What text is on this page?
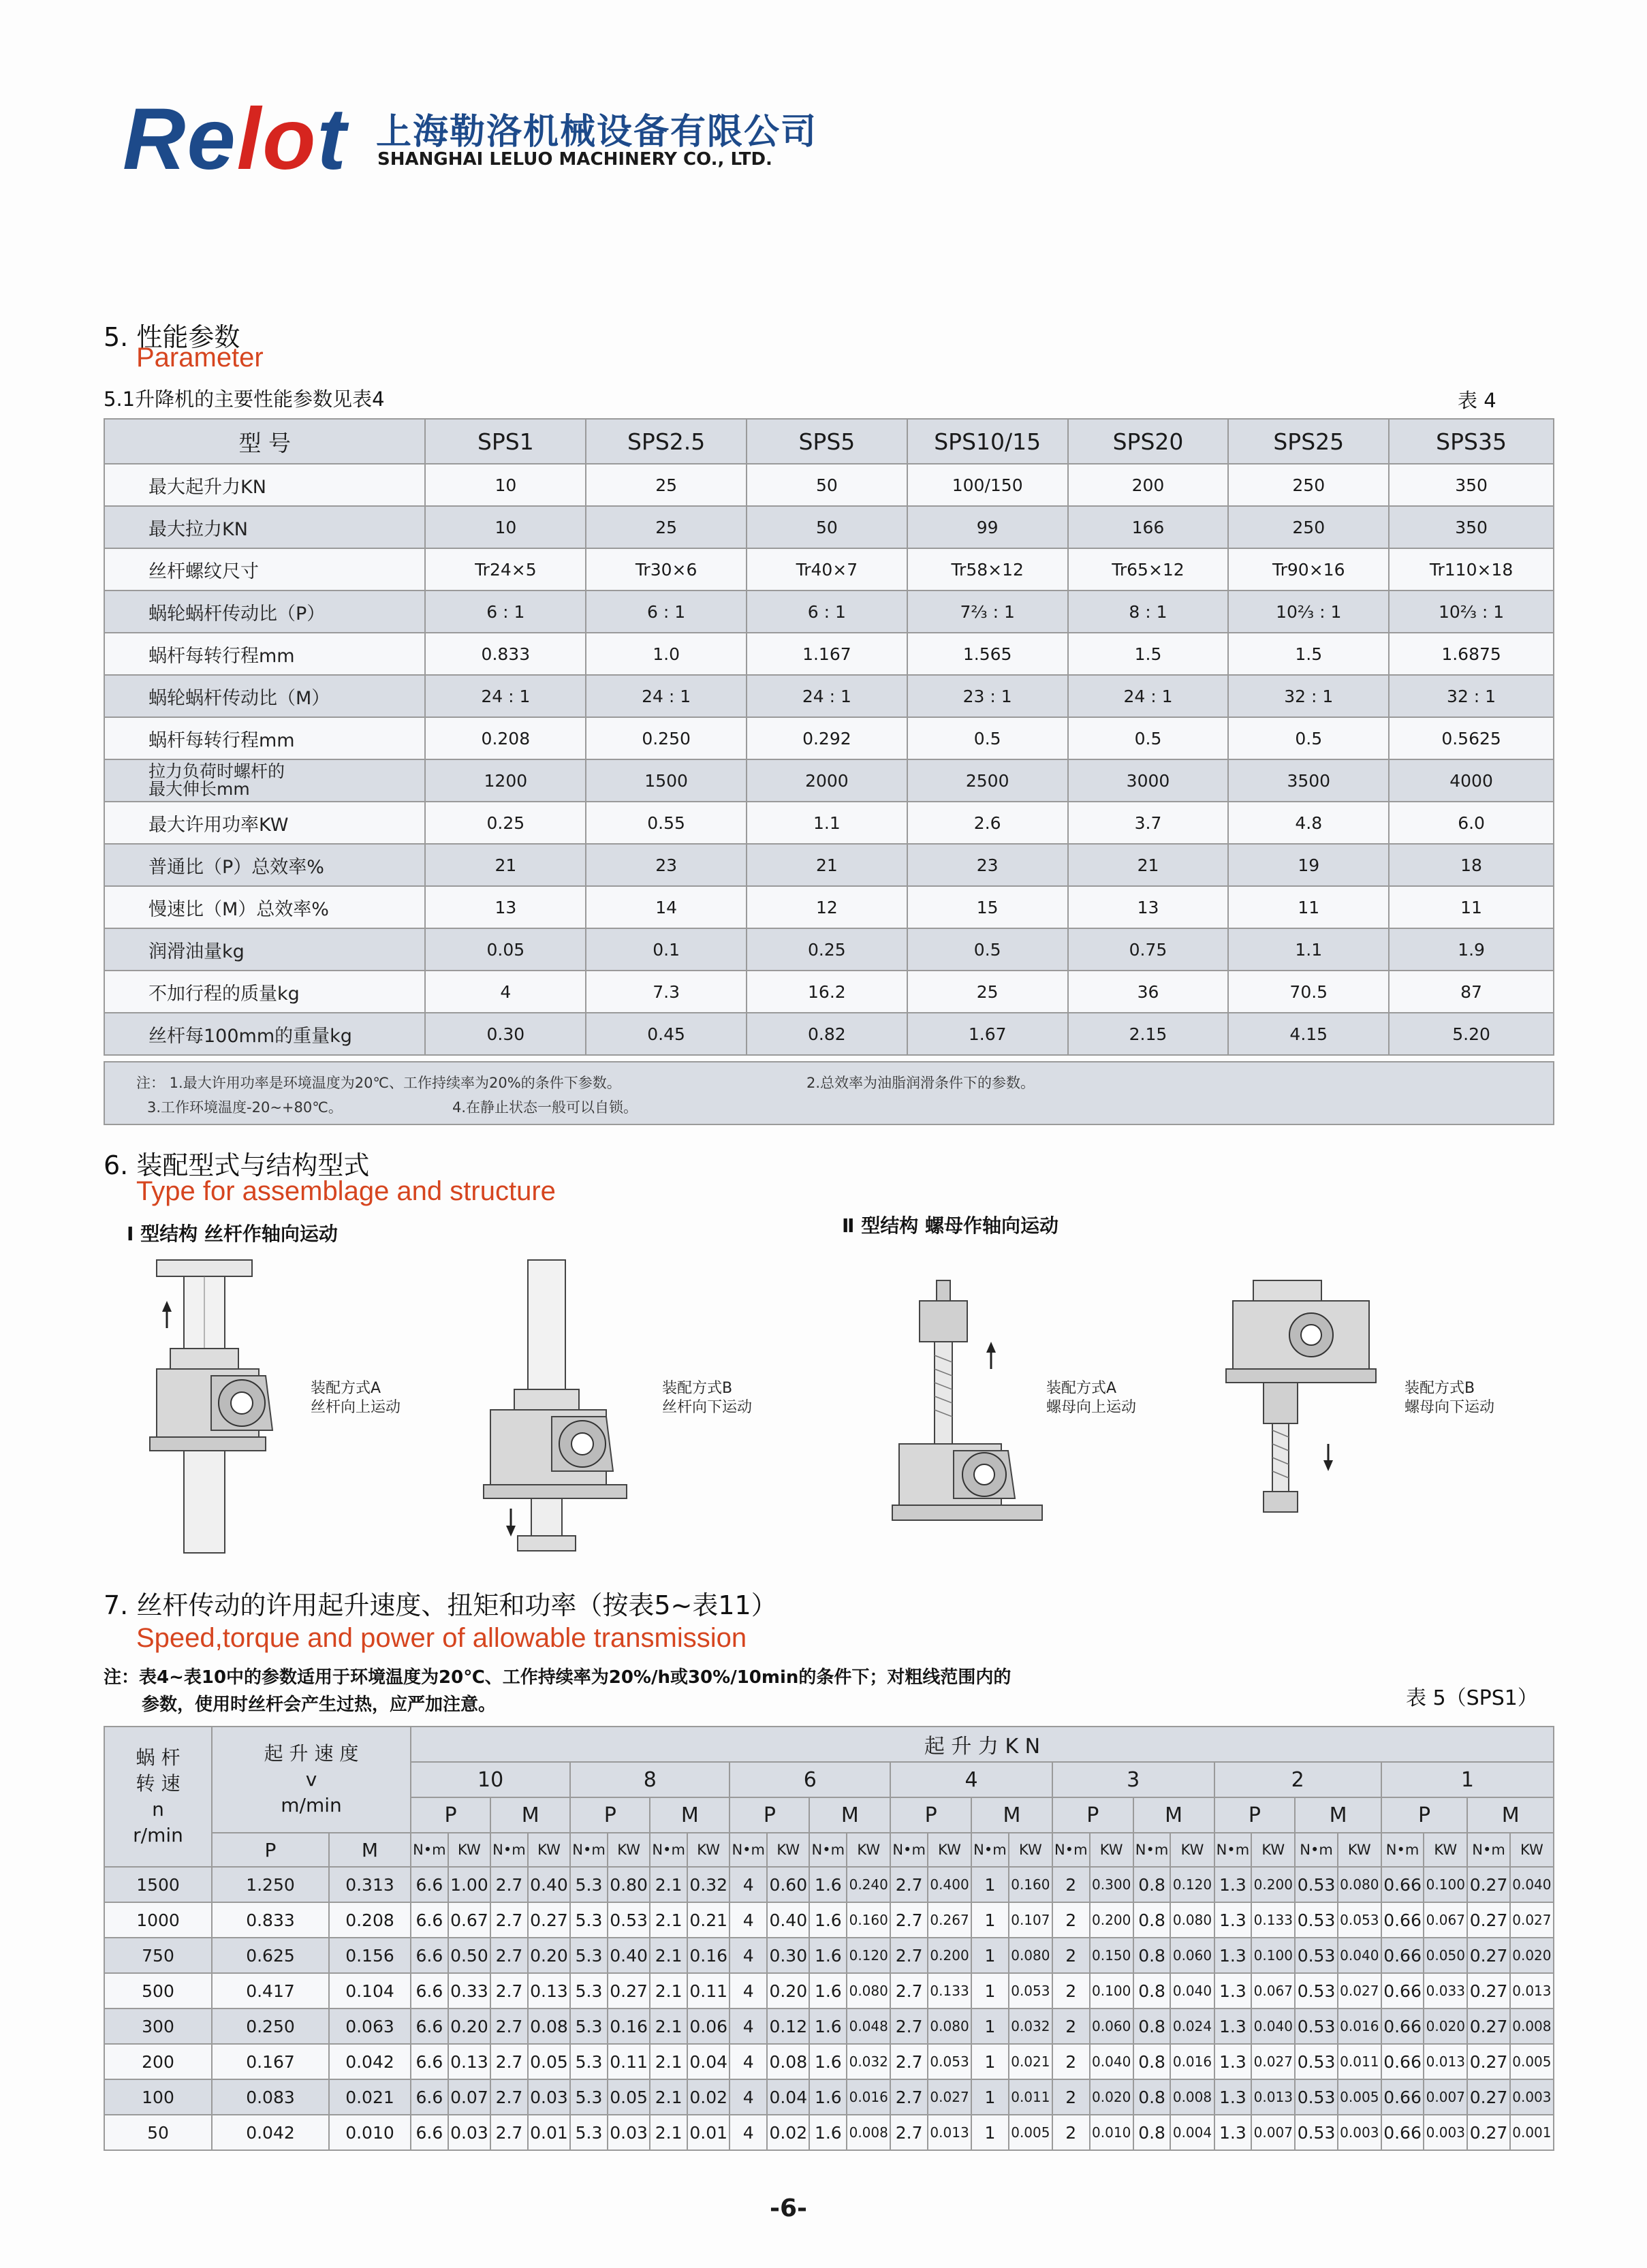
Relot 上海勒洛机械设备有限公司
SHANGHAI LELUO MACHINERY CO., LTD.
5. 性能参数
Parameter
5.1升降机的主要性能参数见表4	表 4
型 号	SPS1	SPS2.5	SPS5	SPS10/15	SPS20	SPS25	SPS35
最大起升力KN	10	25	50	100/150	200	250	350
最大拉力KN	10	25	50	99	166	250	350
丝杆螺纹尺寸	Tr24×5	Tr30×6	Tr40×7	Tr58×12	Tr65×12	Tr90×16	Tr110×18
蜗轮蜗杆传动比（P）	6 : 1	6 : 1	6 : 1	7⅔ : 1	8 : 1	10⅔ : 1	10⅔ : 1
蜗杆每转行程mm	0.833	1.0	1.167	1.565	1.5	1.5	1.6875
蜗轮蜗杆传动比（M）	24 : 1	24 : 1	24 : 1	23 : 1	24 : 1	32 : 1	32 : 1
蜗杆每转行程mm	0.208	0.250	0.292	0.5	0.5	0.5	0.5625
拉力负荷时螺杆的
最大伸长mm	1200	1500	2000	2500	3000	3500	4000
最大许用功率KW	0.25	0.55	1.1	2.6	3.7	4.8	6.0
普通比（P）总效率%	21	23	21	23	21	19	18
慢速比（M）总效率%	13	14	12	15	13	11	11
润滑油量kg	0.05	0.1	0.25	0.5	0.75	1.1	1.9
不加行程的质量kg	4	7.3	16.2	25	36	70.5	87
丝杆每100mm的重量kg	0.30	0.45	0.82	1.67	2.15	4.15	5.20
注： 1.最大许用功率是环境温度为20℃、工作持续率为20%的条件下参数。	2.总效率为油脂润滑条件下的参数。
3.工作环境温度-20~+80℃。	4.在静止状态一般可以自锁。
6. 装配型式与结构型式
Type for assemblage and structure
Ⅰ 型结构 丝杆作轴向运动	Ⅱ 型结构 螺母作轴向运动
装配方式A
丝杆向上运动
装配方式B
丝杆向下运动
装配方式A
螺母向上运动
装配方式B
螺母向下运动
7. 丝杆传动的许用起升速度、扭矩和功率（按表5~表11）
Speed,torque and power of allowable transmission
注：表4~表10中的参数适用于环境温度为20℃、工作持续率为20%/h或30%/10min的条件下；对粗线范围内的
参数，使用时丝杆会产生过热，应严加注意。	表 5（SPS1）
蜗 杆
转 速
n
r/min	起 升 速 度
v
m/min		起 升 力 K N																											
			10				8				6				4				3				2				1			
			P		M		P		M		P		M		P		M		P		M		P		M		P		M	
	P	M	N•m	KW	N•m	KW	N•m	KW	N•m	KW	N•m	KW	N•m	KW	N•m	KW	N•m	KW	N•m	KW	N•m	KW	N•m	KW	N•m	KW	N•m	KW	N•m	KW
1500	1.250	0.313	6.6	1.00	2.7	0.40	5.3	0.80	2.1	0.32	4	0.60	1.6	0.240	2.7	0.400	1	0.160	2	0.300	0.8	0.120	1.3	0.200	0.53	0.080	0.66	0.100	0.27	0.040
1000	0.833	0.208	6.6	0.67	2.7	0.27	5.3	0.53	2.1	0.21	4	0.40	1.6	0.160	2.7	0.267	1	0.107	2	0.200	0.8	0.080	1.3	0.133	0.53	0.053	0.66	0.067	0.27	0.027
750	0.625	0.156	6.6	0.50	2.7	0.20	5.3	0.40	2.1	0.16	4	0.30	1.6	0.120	2.7	0.200	1	0.080	2	0.150	0.8	0.060	1.3	0.100	0.53	0.040	0.66	0.050	0.27	0.020
500	0.417	0.104	6.6	0.33	2.7	0.13	5.3	0.27	2.1	0.11	4	0.20	1.6	0.080	2.7	0.133	1	0.053	2	0.100	0.8	0.040	1.3	0.067	0.53	0.027	0.66	0.033	0.27	0.013
300	0.250	0.063	6.6	0.20	2.7	0.08	5.3	0.16	2.1	0.06	4	0.12	1.6	0.048	2.7	0.080	1	0.032	2	0.060	0.8	0.024	1.3	0.040	0.53	0.016	0.66	0.020	0.27	0.008
200	0.167	0.042	6.6	0.13	2.7	0.05	5.3	0.11	2.1	0.04	4	0.08	1.6	0.032	2.7	0.053	1	0.021	2	0.040	0.8	0.016	1.3	0.027	0.53	0.011	0.66	0.013	0.27	0.005
100	0.083	0.021	6.6	0.07	2.7	0.03	5.3	0.05	2.1	0.02	4	0.04	1.6	0.016	2.7	0.027	1	0.011	2	0.020	0.8	0.008	1.3	0.013	0.53	0.005	0.66	0.007	0.27	0.003
50	0.042	0.010	6.6	0.03	2.7	0.01	5.3	0.03	2.1	0.01	4	0.02	1.6	0.008	2.7	0.013	1	0.005	2	0.010	0.8	0.004	1.3	0.007	0.53	0.003	0.66	0.003	0.27	0.001
-6-
